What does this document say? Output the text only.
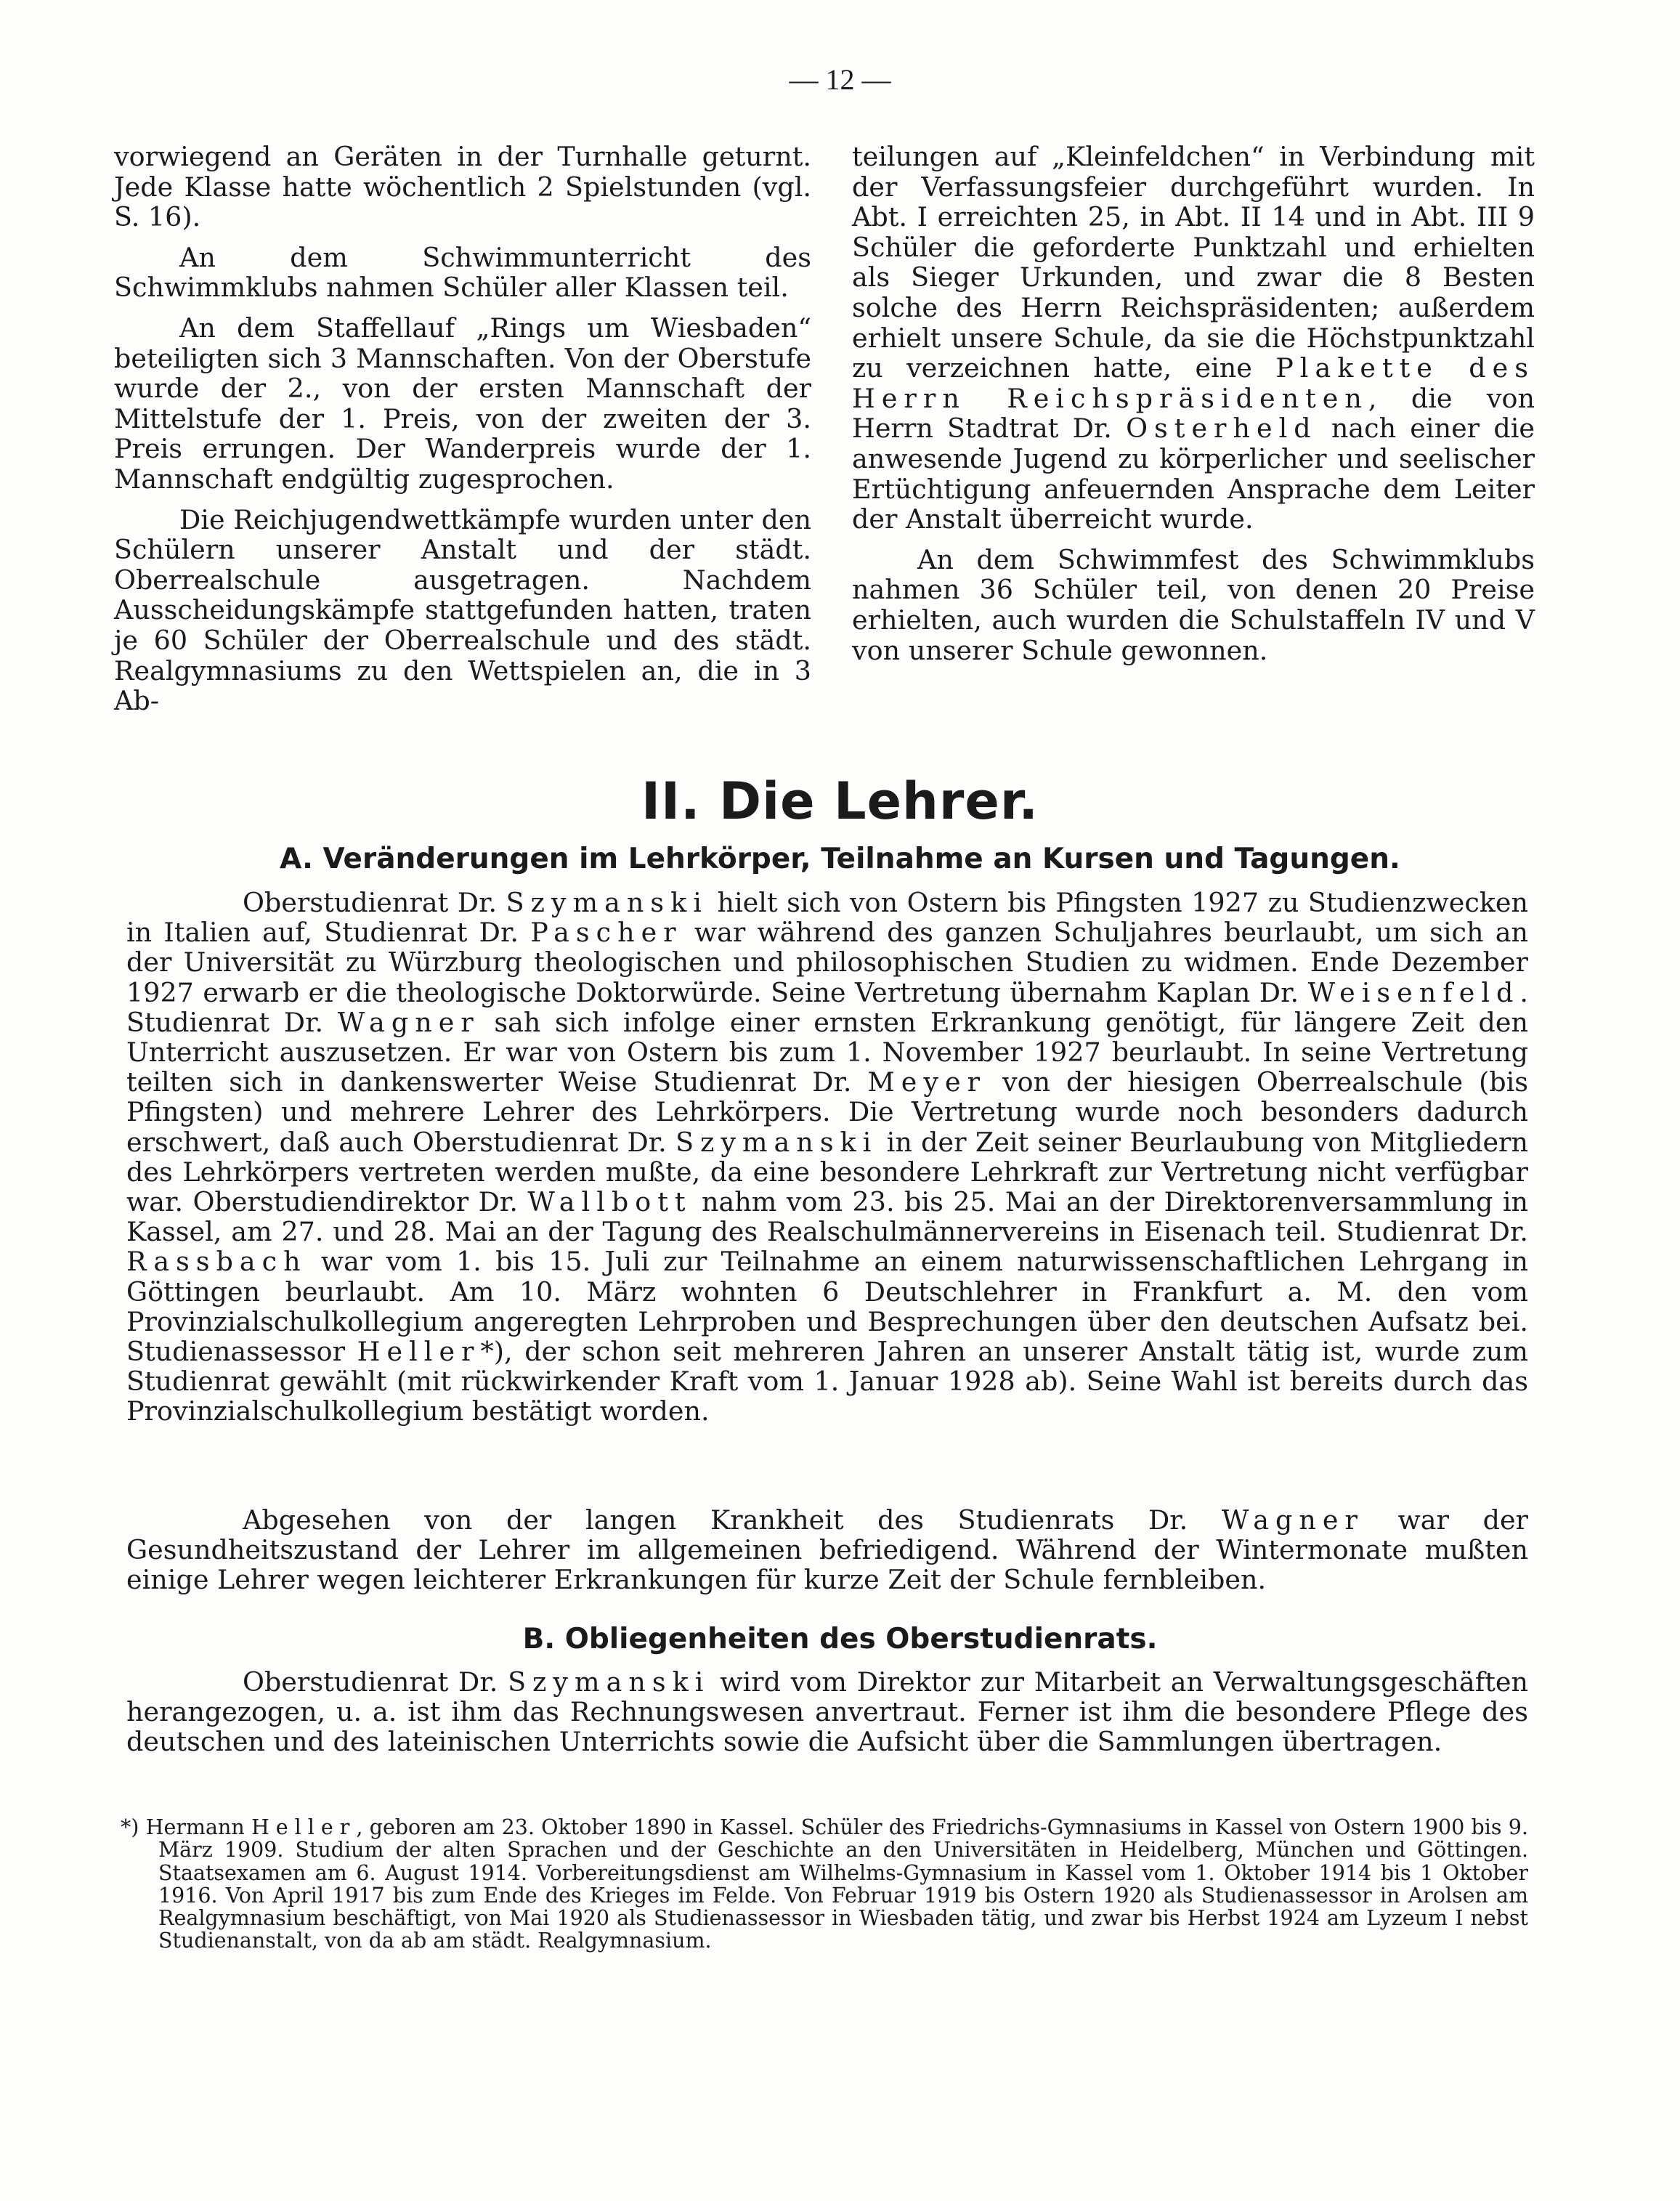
— 12 —

vorwiegend an Geräten in der Turnhalle geturnt. Jede Klasse hatte wöchentlich 2 Spielstunden (vgl. S. 16).

An dem Schwimmunterricht des Schwimmklubs nahmen Schüler aller Klassen teil.

An dem Staffellauf „Rings um Wiesbaden“ beteiligten sich 3 Mannschaften. Von der Oberstufe wurde der 2., von der ersten Mannschaft der Mittelstufe der 1. Preis, von der zweiten der 3. Preis errungen. Der Wanderpreis wurde der 1. Mannschaft endgültig zugesprochen.

Die Reichjugendwettkämpfe wurden unter den Schülern unserer Anstalt und der städt. Oberrealschule ausgetragen. Nachdem Ausscheidungskämpfe stattgefunden hatten, traten je 60 Schüler der Oberrealschule und des städt. Realgymnasiums zu den Wettspielen an, die in 3 Ab-

teilungen auf „Kleinfeldchen“ in Verbindung mit der Verfassungsfeier durchgeführt wurden. In Abt. I erreichten 25, in Abt. II 14 und in Abt. III 9 Schüler die geforderte Punktzahl und erhielten als Sieger Urkunden, und zwar die 8 Besten solche des Herrn Reichspräsidenten; außerdem erhielt unsere Schule, da sie die Höchstpunktzahl zu verzeichnen hatte, eine Plakette des Herrn Reichspräsidenten, die von Herrn Stadtrat Dr. Osterheld nach einer die anwesende Jugend zu körperlicher und seelischer Ertüchtigung anfeuernden Ansprache dem Leiter der Anstalt überreicht wurde.

An dem Schwimmfest des Schwimmklubs nahmen 36 Schüler teil, von denen 20 Preise erhielten, auch wurden die Schulstaffeln IV und V von unserer Schule gewonnen.

II. Die Lehrer.
A. Veränderungen im Lehrkörper, Teilnahme an Kursen und Tagungen.

Oberstudienrat Dr. Szymanski hielt sich von Ostern bis Pfingsten 1927 zu Studienzwecken in Italien auf, Studienrat Dr. Pascher war während des ganzen Schuljahres beurlaubt, um sich an der Universität zu Würzburg theologischen und philosophischen Studien zu widmen. Ende Dezember 1927 erwarb er die theologische Doktorwürde. Seine Vertretung übernahm Kaplan Dr. Weisenfeld. Studienrat Dr. Wagner sah sich infolge einer ernsten Erkrankung genötigt, für längere Zeit den Unterricht auszusetzen. Er war von Ostern bis zum 1. November 1927 beurlaubt. In seine Vertretung teilten sich in dankenswerter Weise Studienrat Dr. Meyer von der hiesigen Oberrealschule (bis Pfingsten) und mehrere Lehrer des Lehrkörpers. Die Vertretung wurde noch besonders dadurch erschwert, daß auch Oberstudienrat Dr. Szymanski in der Zeit seiner Beurlaubung von Mitgliedern des Lehrkörpers vertreten werden mußte, da eine besondere Lehrkraft zur Vertretung nicht verfügbar war. Oberstudiendirektor Dr. Wallbott nahm vom 23. bis 25. Mai an der Direktorenversammlung in Kassel, am 27. und 28. Mai an der Tagung des Realschulmännervereins in Eisenach teil. Studienrat Dr. Rassbach war vom 1. bis 15. Juli zur Teilnahme an einem naturwissenschaftlichen Lehrgang in Göttingen beurlaubt. Am 10. März wohnten 6 Deutschlehrer in Frankfurt a. M. den vom Provinzialschulkollegium angeregten Lehrproben und Besprechungen über den deutschen Aufsatz bei. Studienassessor Heller*), der schon seit mehreren Jahren an unserer Anstalt tätig ist, wurde zum Studienrat gewählt (mit rückwirkender Kraft vom 1. Januar 1928 ab). Seine Wahl ist bereits durch das Provinzialschulkollegium bestätigt worden.

Abgesehen von der langen Krankheit des Studienrats Dr. Wagner war der Gesundheitszustand der Lehrer im allgemeinen befriedigend. Während der Wintermonate mußten einige Lehrer wegen leichterer Erkrankungen für kurze Zeit der Schule fernbleiben.

B. Obliegenheiten des Oberstudienrats.

Oberstudienrat Dr. Szymanski wird vom Direktor zur Mitarbeit an Verwaltungsgeschäften herangezogen, u. a. ist ihm das Rechnungswesen anvertraut. Ferner ist ihm die besondere Pflege des deutschen und des lateinischen Unterrichts sowie die Aufsicht über die Sammlungen übertragen.

*) Hermann Heller, geboren am 23. Oktober 1890 in Kassel. Schüler des Friedrichs-Gymnasiums in Kassel von Ostern 1900 bis 9. März 1909. Studium der alten Sprachen und der Geschichte an den Universitäten in Heidelberg, München und Göttingen. Staatsexamen am 6. August 1914. Vorbereitungsdienst am Wilhelms-Gymnasium in Kassel vom 1. Oktober 1914 bis 1 Oktober 1916. Von April 1917 bis zum Ende des Krieges im Felde. Von Februar 1919 bis Ostern 1920 als Studienassessor in Arolsen am Realgymnasium beschäftigt, von Mai 1920 als Studienassessor in Wiesbaden tätig, und zwar bis Herbst 1924 am Lyzeum I nebst Studienanstalt, von da ab am städt. Realgymnasium.
